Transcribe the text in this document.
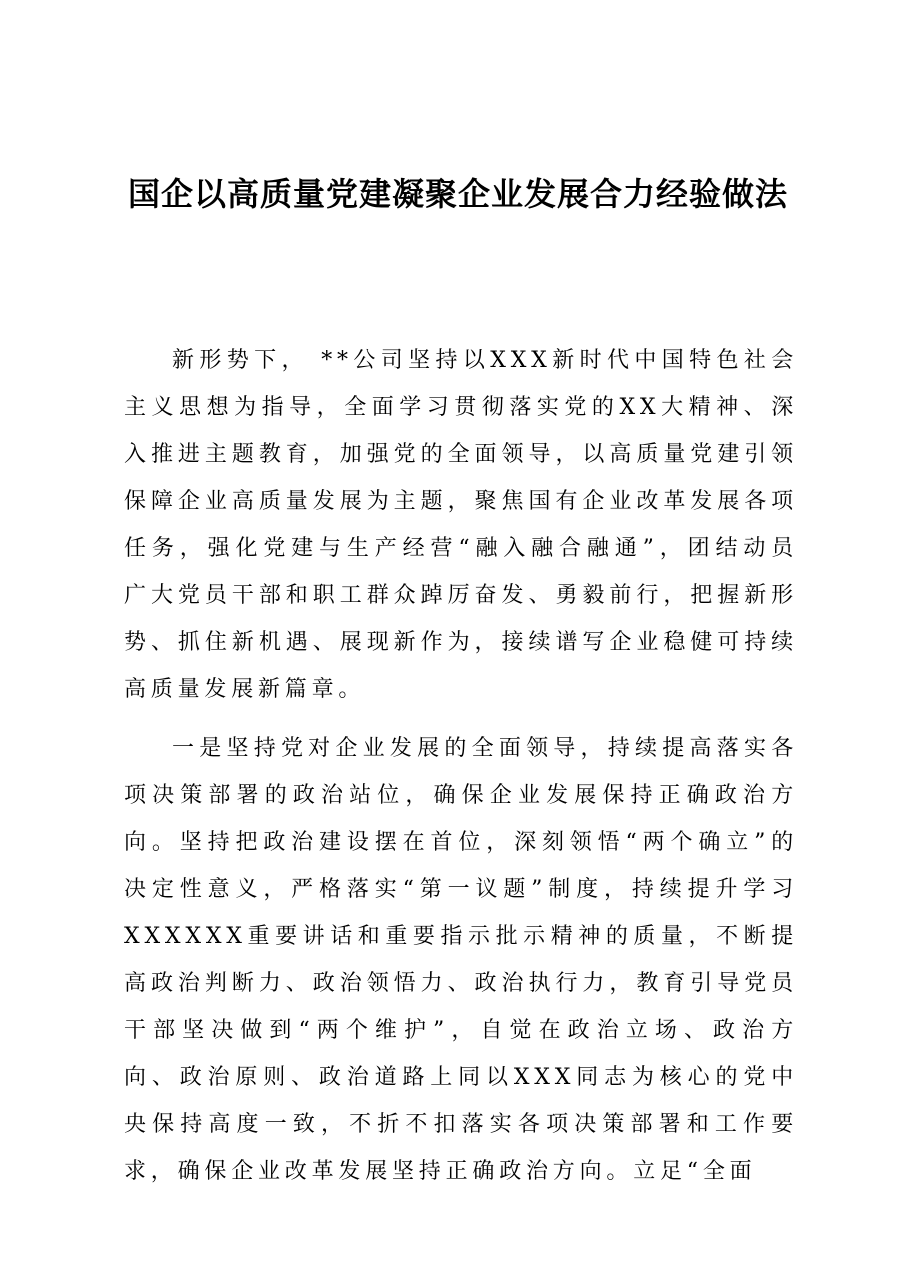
国企以高质量党建凝聚企业发展合力经验做法

新形势下， **公司坚持以XXX新时代中国特色社会主义思想为指导，全面学习贯彻落实党的XX大精神、深入推进主题教育，加强党的全面领导，以高质量党建引领保障企业高质量发展为主题，聚焦国有企业改革发展各项任务，强化党建与生产经营“融入融合融通”，团结动员广大党员干部和职工群众踔厉奋发、勇毅前行，把握新形势、抓住新机遇、展现新作为，接续谱写企业稳健可持续高质量发展新篇章。

一是坚持党对企业发展的全面领导，持续提高落实各项决策部署的政治站位，确保企业发展保持正确政治方向。坚持把政治建设摆在首位，深刻领悟“两个确立”的决定性意义，严格落实“第一议题”制度，持续提升学习XXXXXX重要讲话和重要指示批示精神的质量，不断提高政治判断力、政治领悟力、政治执行力，教育引导党员干部坚决做到“两个维护”，自觉在政治立场、政治方向、政治原则、政治道路上同以XXX同志为核心的党中央保持高度一致，不折不扣落实各项决策部署和工作要求，确保企业改革发展坚持正确政治方向。立足“全面
